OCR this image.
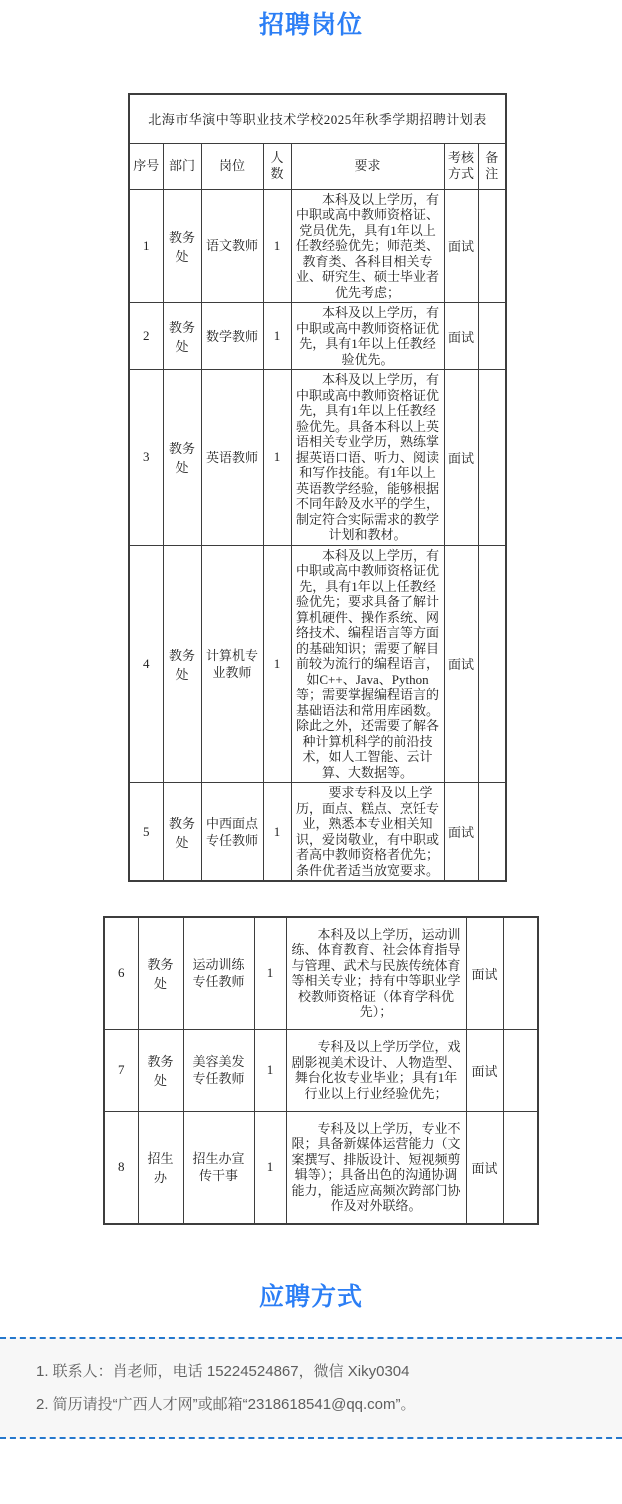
招聘岗位
北海市华演中等职业技术学校2025年秋季学期招聘计划表						
序号	部门	岗位	人数	要求	考核方式	备注
1	教务处	语文教师	1	本科及以上学历，有中职或高中教师资格证、党员优先，具有1年以上任教经验优先；师范类、教育类、各科目相关专业、研究生、硕士毕业者优先考虑；	面试	
2	教务处	数学教师	1	本科及以上学历，有中职或高中教师资格证优先，具有1年以上任教经验优先。	面试	
3	教务处	英语教师	1	本科及以上学历，有中职或高中教师资格证优先，具有1年以上任教经验优先。具备本科以上英语相关专业学历，熟练掌握英语口语、听力、阅读和写作技能。有1年以上英语教学经验，能够根据不同年龄及水平的学生，制定符合实际需求的教学计划和教材。	面试	
4	教务处	计算机专业教师	1	本科及以上学历，有中职或高中教师资格证优先，具有1年以上任教经验优先；要求具备了解计算机硬件、操作系统、网络技术、编程语言等方面的基础知识；需要了解目前较为流行的编程语言，如C++、Java、Python等；需要掌握编程语言的基础语法和常用库函数。除此之外，还需要了解各种计算机科学的前沿技术，如人工智能、云计算、大数据等。	面试	
5	教务处	中西面点专任教师	1	要求专科及以上学历，面点、糕点、烹饪专业，熟悉本专业相关知识，爱岗敬业，有中职或者高中教师资格者优先；条件优者适当放宽要求。	面试	
6	教务处	运动训练专任教师	1	本科及以上学历，运动训练、体育教育、社会体育指导与管理、武术与民族传统体育等相关专业；持有中等职业学校教师资格证（体育学科优先）；	面试	
7	教务处	美容美发专任教师	1	专科及以上学历学位，戏剧影视美术设计、人物造型、舞台化妆专业毕业；具有1年行业以上行业经验优先；	面试	
8	招生办	招生办宣传干事	1	专科及以上学历，专业不限；具备新媒体运营能力（文案撰写、排版设计、短视频剪辑等）；具备出色的沟通协调能力，能适应高频次跨部门协作及对外联络。	面试	
应聘方式

1. 联系人：肖老师，电话 15224524867，微信 Xiky0304

2. 简历请投“广西人才网”或邮箱“2318618541@qq.com”。
